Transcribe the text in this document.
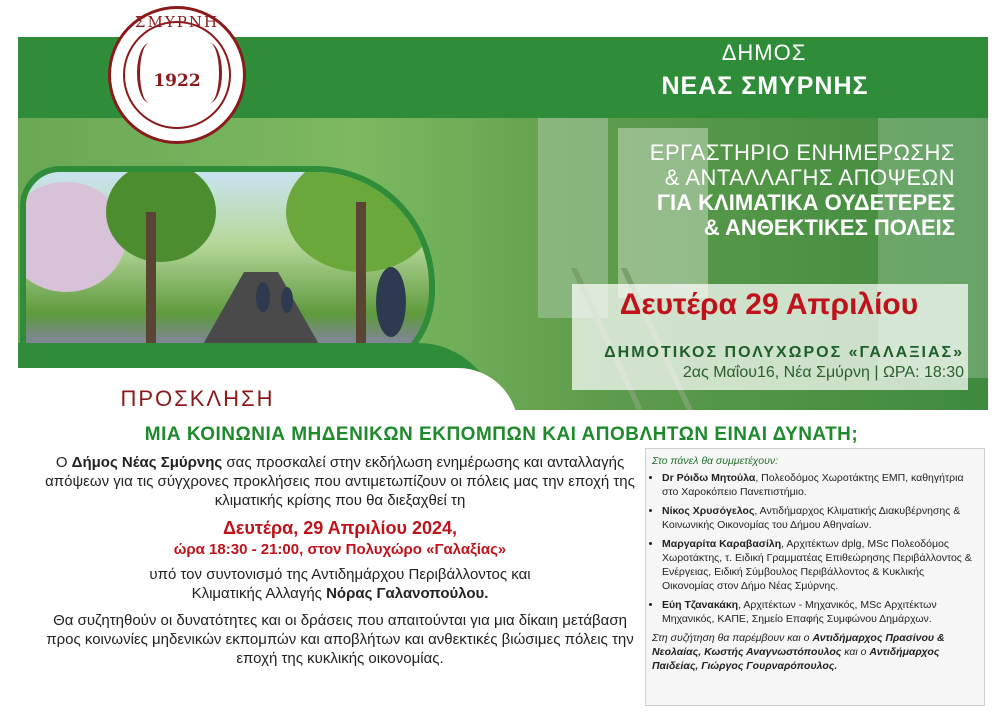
ΔΗΜΟΣ
ΝΕΑΣ ΣΜΥΡΝΗΣ
ΕΡΓΑΣΤΗΡΙΟ ΕΝΗΜΕΡΩΣΗΣ
& ΑΝΤΑΛΛΑΓΗΣ ΑΠΟΨΕΩΝ
ΓΙΑ ΚΛΙΜΑΤΙΚΑ ΟΥΔΕΤΕΡΕΣ
& ΑΝΘΕΚΤΙΚΕΣ ΠΟΛΕΙΣ
Δευτέρα 29 Απριλίου
ΔΗΜΟΤΙΚΟΣ ΠΟΛΥΧΩΡΟΣ «ΓΑΛΑΞΙΑΣ»
2ας Μαΐου16, Νέα Σμύρνη | ΩΡΑ: 18:30
ΠΡΟΣΚΛΗΣΗ
ΣΜΥΡΝΗ
1922
ΜΙΑ ΚΟΙΝΩΝΙΑ ΜΗΔΕΝΙΚΩΝ ΕΚΠΟΜΠΩΝ ΚΑΙ ΑΠΟΒΛΗΤΩΝ ΕΙΝΑΙ ΔΥΝΑΤΗ;

Ο Δήμος Νέας Σμύρνης σας προσκαλεί στην εκδήλωση ενημέρωσης και ανταλλαγής απόψεων για τις σύγχρονες προκλήσεις που αντιμετωπίζουν οι πόλεις μας την εποχή της κλιματικής κρίσης που θα διεξαχθεί τη

Δευτέρα, 29 Απριλίου 2024,

ώρα 18:30 - 21:00, στον Πολυχώρο «Γαλαξίας»

υπό τον συντονισμό της Αντιδημάρχου Περιβάλλοντος και

Κλιματικής Αλλαγής Νόρας Γαλανοπούλου.

Θα συζητηθούν οι δυνατότητες και οι δράσεις που απαιτούνται για μια δίκαιη μετάβαση προς κοινωνίες μηδενικών εκπομπών και αποβλήτων και ανθεκτικές βιώσιμες πόλεις την εποχή της κυκλικής οικονομίας.

Στο πάνελ θα συμμετέχουν:
• Dr Ρόιδω Μητούλα, Πολεοδόμος Χωροτάκτης ΕΜΠ, καθηγήτρια στο Χαροκόπειο Πανεπιστήμιο.
• Νίκος Χρυσόγελος, Αντιδήμαρχος Κλιματικής Διακυβέρνησης & Κοινωνικής Οικονομίας του Δήμου Αθηναίων.
• Μαργαρίτα Καραβασίλη, Αρχιτέκτων dplg, MSc Πολεοδόμος Χωροτάκτης, τ. Ειδική Γραμματέας Επιθεώρησης Περιβάλλοντος & Ενέργειας, Ειδική Σύμβουλος Περιβάλλοντος & Κυκλικής Οικονομίας στον Δήμο Νέας Σμύρνης.
• Εύη Τζανακάκη, Αρχιτέκτων - Μηχανικός, MSc Αρχιτέκτων Μηχανικός, ΚΑΠΕ, Σημείο Επαφής Συμφώνου Δημάρχων.
Στη συζήτηση θα παρέμβουν και ο Αντιδήμαρχος Πρασίνου & Νεολαίας, Κωστής Αναγνωστόπουλος και ο Αντιδήμαρχος Παιδείας, Γιώργος Γουρναρόπουλος.
